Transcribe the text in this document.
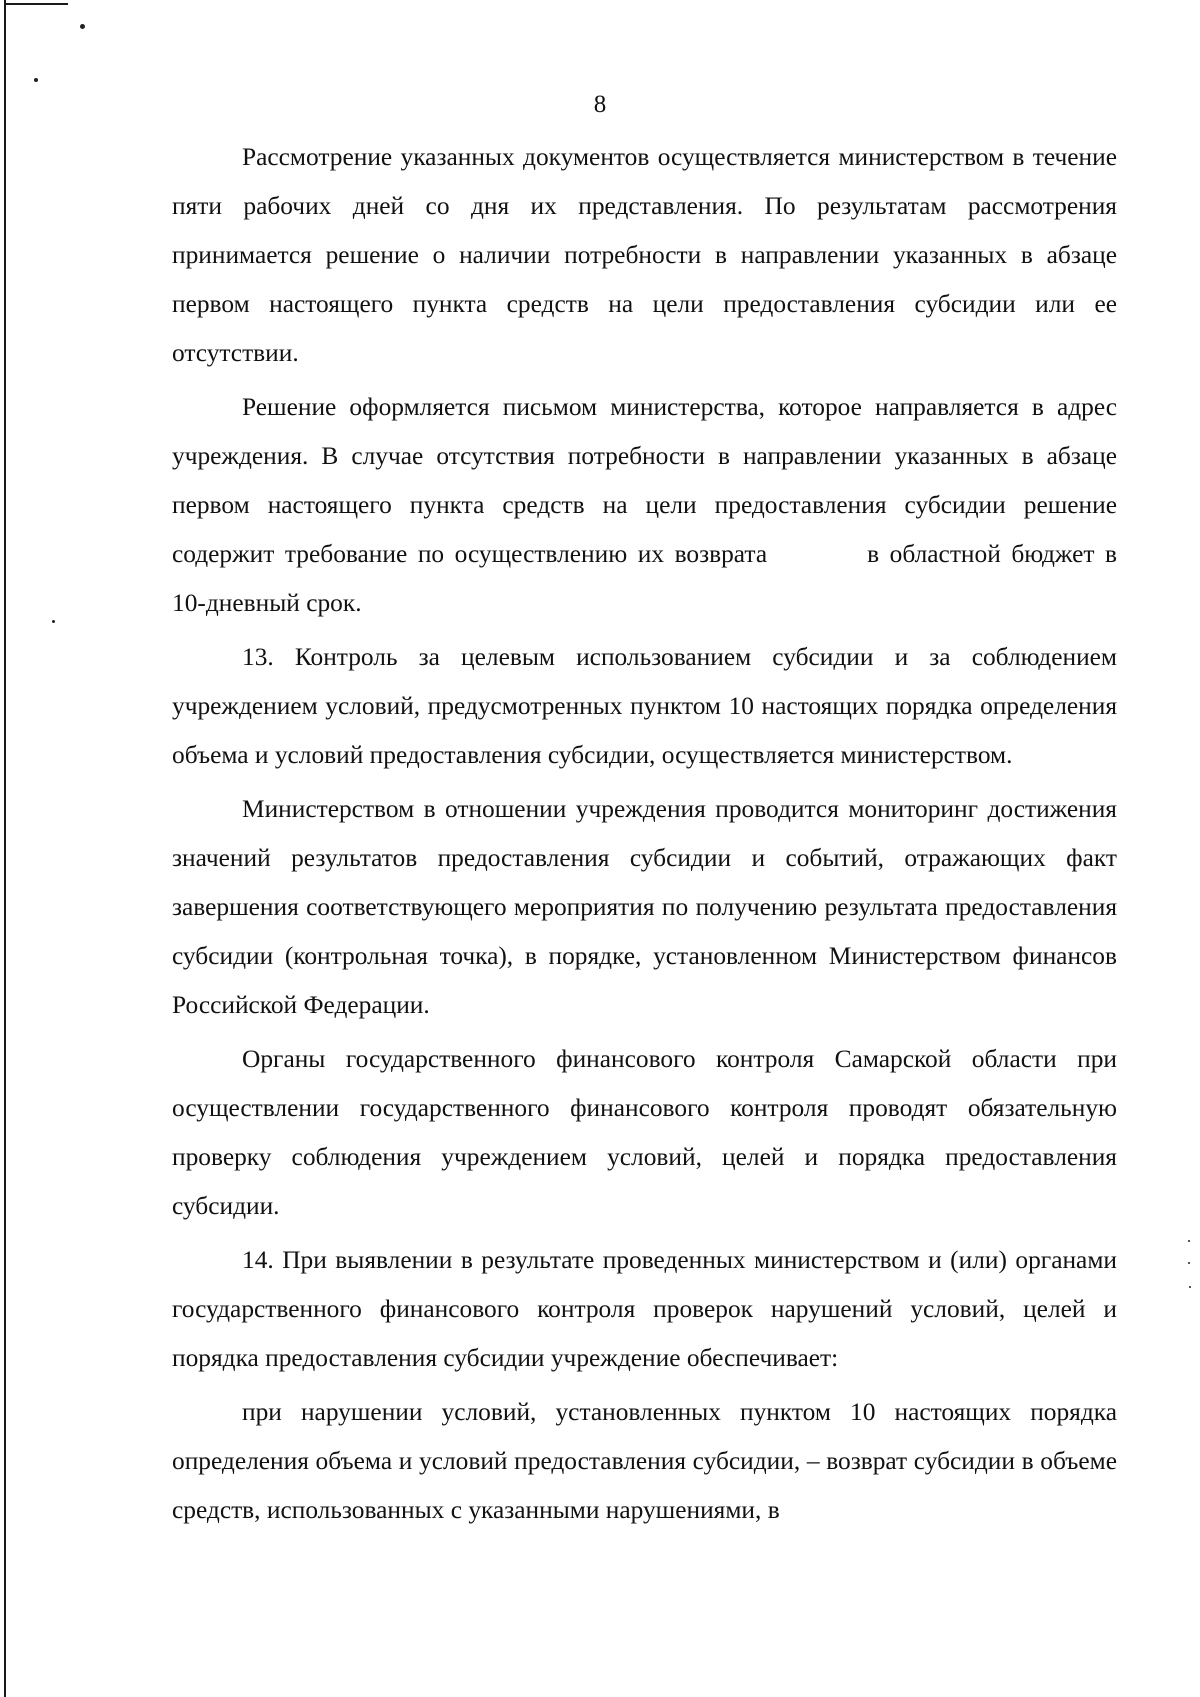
8

Рассмотрение указанных документов осуществляется министерством в течение пяти рабочих дней со дня их представления. По результатам рассмотрения принимается решение о наличии потребности в направлении указанных в абзаце первом настоящего пункта средств на цели предоставления субсидии или ее отсутствии.

Решение оформляется письмом министерства, которое направляется в адрес учреждения. В случае отсутствия потребности в направлении указанных в абзаце первом настоящего пункта средств на цели предоставления субсидии решение содержит требование по осуществлению их возврата	в областной бюджет в 10-дневный срок.

13. Контроль за целевым использованием субсидии и за соблюдением учреждением условий, предусмотренных пунктом 10 настоящих порядка определения объема и условий предоставления субсидии, осуществляется министерством.

Министерством в отношении учреждения проводится мониторинг достижения значений результатов предоставления субсидии и событий, отражающих факт завершения соответствующего мероприятия по получению результата предоставления субсидии (контрольная точка), в порядке, установленном Министерством финансов Российской Федерации.

Органы государственного финансового контроля Самарской области при осуществлении государственного финансового контроля проводят обязательную проверку соблюдения учреждением условий, целей и порядка предоставления субсидии.

14. При выявлении в результате проведенных министерством и (или) органами государственного финансового контроля проверок нарушений условий, целей и порядка предоставления субсидии учреждение обеспечивает:

при нарушении условий, установленных пунктом 10 настоящих порядка определения объема и условий предоставления субсидии, – возврат субсидии в объеме средств, использованных с указанными нарушениями, в
